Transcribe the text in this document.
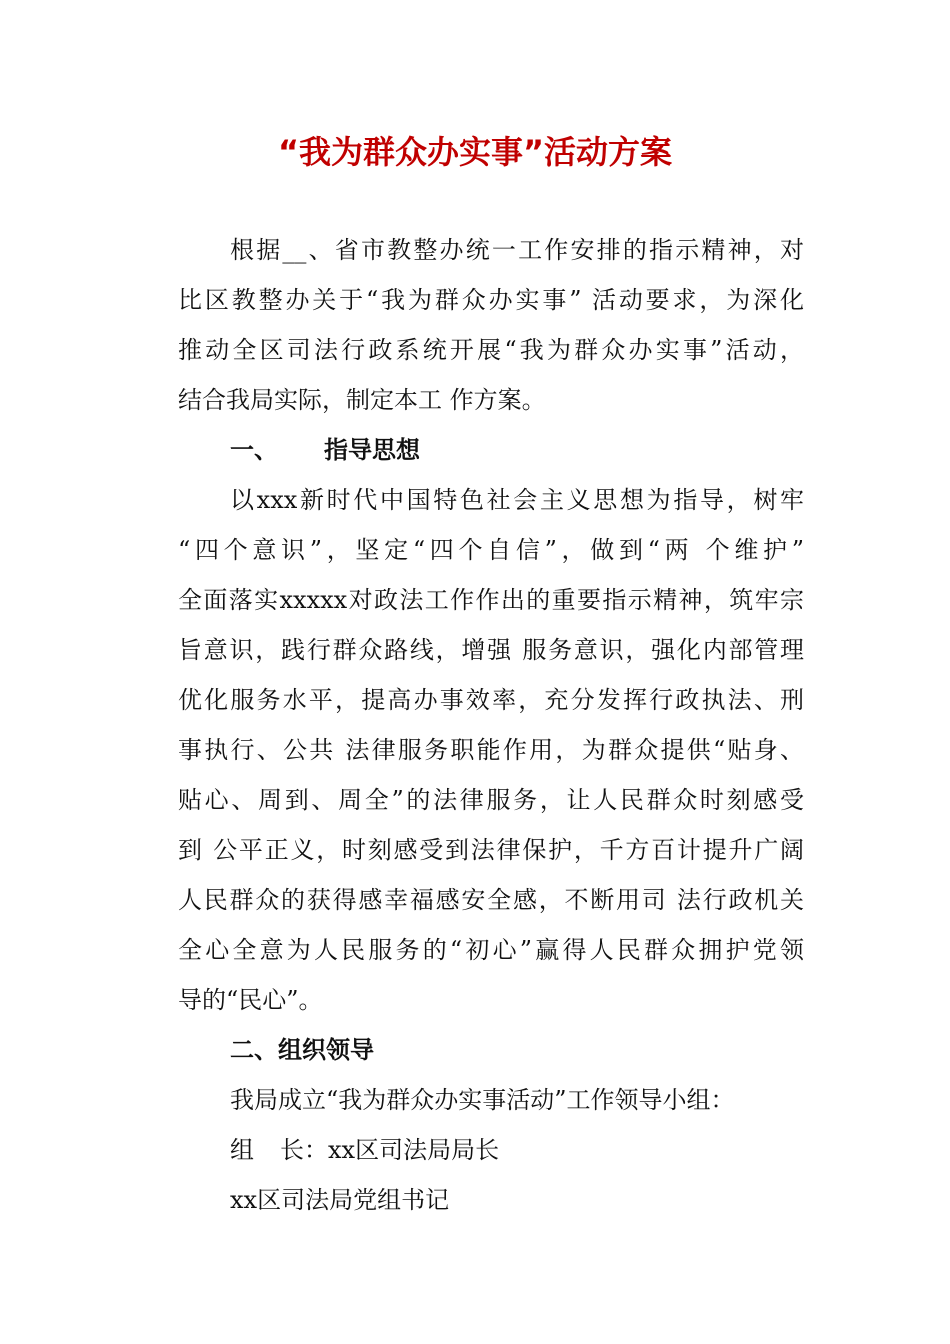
“我为群众办实事”活动方案

根据__、省市教整办统一工作安排的指示精神，对

比区教整办关于“我为群众办实事” 活动要求，为深化

推动全区司法行政系统开展“我为群众办实事”活动，

结合我局实际，制定本工 作方案。

一、 指导思想

以xxx新时代中国特色社会主义思想为指导，树牢

“四个意识”，坚定“四个自信”，做到“两 个维护”

全面落实xxxxx对政法工作作出的重要指示精神，筑牢宗

旨意识，践行群众路线，增强 服务意识，强化内部管理

优化服务水平，提高办事效率，充分发挥行政执法、刑

事执行、公共 法律服务职能作用，为群众提供“贴身、

贴心、周到、周全”的法律服务，让人民群众时刻感受

到 公平正义，时刻感受到法律保护，千方百计提升广阔

人民群众的获得感幸福感安全感，不断用司 法行政机关

全心全意为人民服务的“初心”赢得人民群众拥护党领

导的“民心”。

二、组织领导

我局成立“我为群众办实事活动”工作领导小组：

组 长：xx区司法局局长

xx区司法局党组书记
